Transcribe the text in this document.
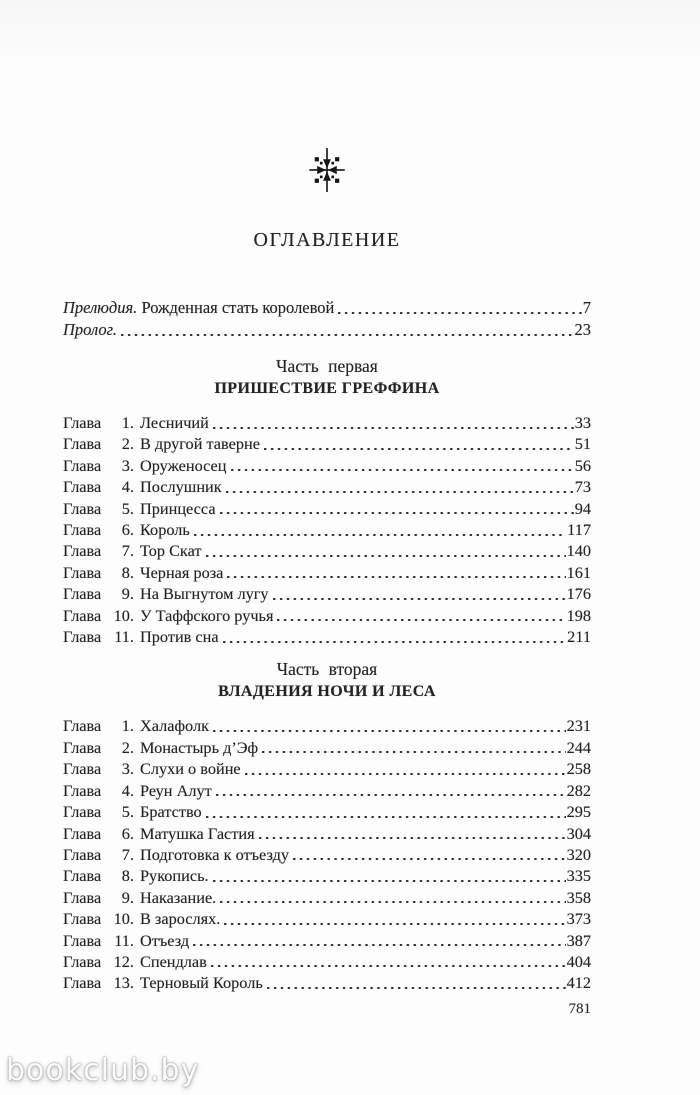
ОГЛАВЛЕНИЕ
Прелюдия. Рожденная стать королевой	7
Пролог.	23
Часть первая
ПРИШЕСТВИЕ ГРЕФФИНА
Глава	1. Лесничий	33
Глава	2. В другой таверне	51
Глава	3. Оруженосец	56
Глава	4. Послушник	73
Глава	5. Принцесса	94
Глава	6. Король	117
Глава	7. Тор Скат	140
Глава	8. Черная роза	161
Глава	9. На Выгнутом лугу	176
Глава 10. У Таффского ручья	198
Глава 11. Против сна	211
Часть вторая
ВЛАДЕНИЯ НОЧИ И ЛЕСА
Глава	1. Халафолк	231
Глава	2. Монастырь д’Эф	244
Глава	3. Слухи о войне	258
Глава	4. Реун Алут	282
Глава	5. Братство	295
Глава	6. Матушка Гастия	304
Глава	7. Подготовка к отъезду	320
Глава	8. Рукопись.	335
Глава	9. Наказание.	358
Глава 10. В зарослях.	373
Глава 11. Отъезд	387
Глава 12. Спендлав	404
Глава 13. Терновый Король	412
781
bookclub.by
